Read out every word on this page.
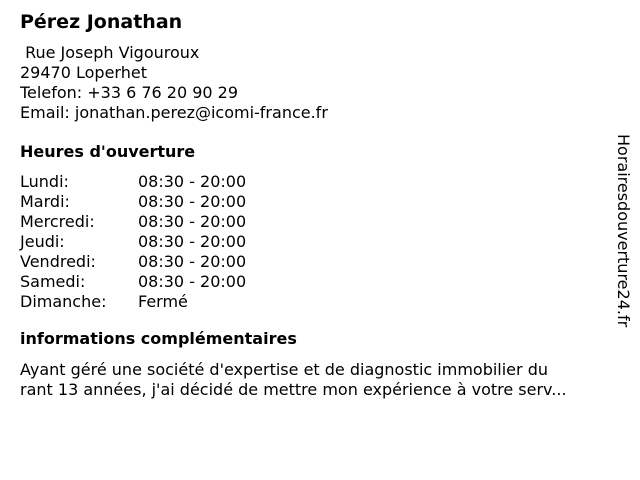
Pérez Jonathan
Rue Joseph Vigouroux
29470 Loperhet
Telefon: +33 6 76 20 90 29
Email: jonathan.perez@icomi-france.fr
Heures d'ouverture
Lundi:	08:30 - 20:00
Mardi:	08:30 - 20:00
Mercredi:	08:30 - 20:00
Jeudi:	08:30 - 20:00
Vendredi:	08:30 - 20:00
Samedi:	08:30 - 20:00
Dimanche:	Fermé
informations complémentaires
Ayant géré une société d'expertise et de diagnostic immobilier du
rant 13 années, j'ai décidé de mettre mon expérience à votre serv...
Horairesdouverture24.fr
